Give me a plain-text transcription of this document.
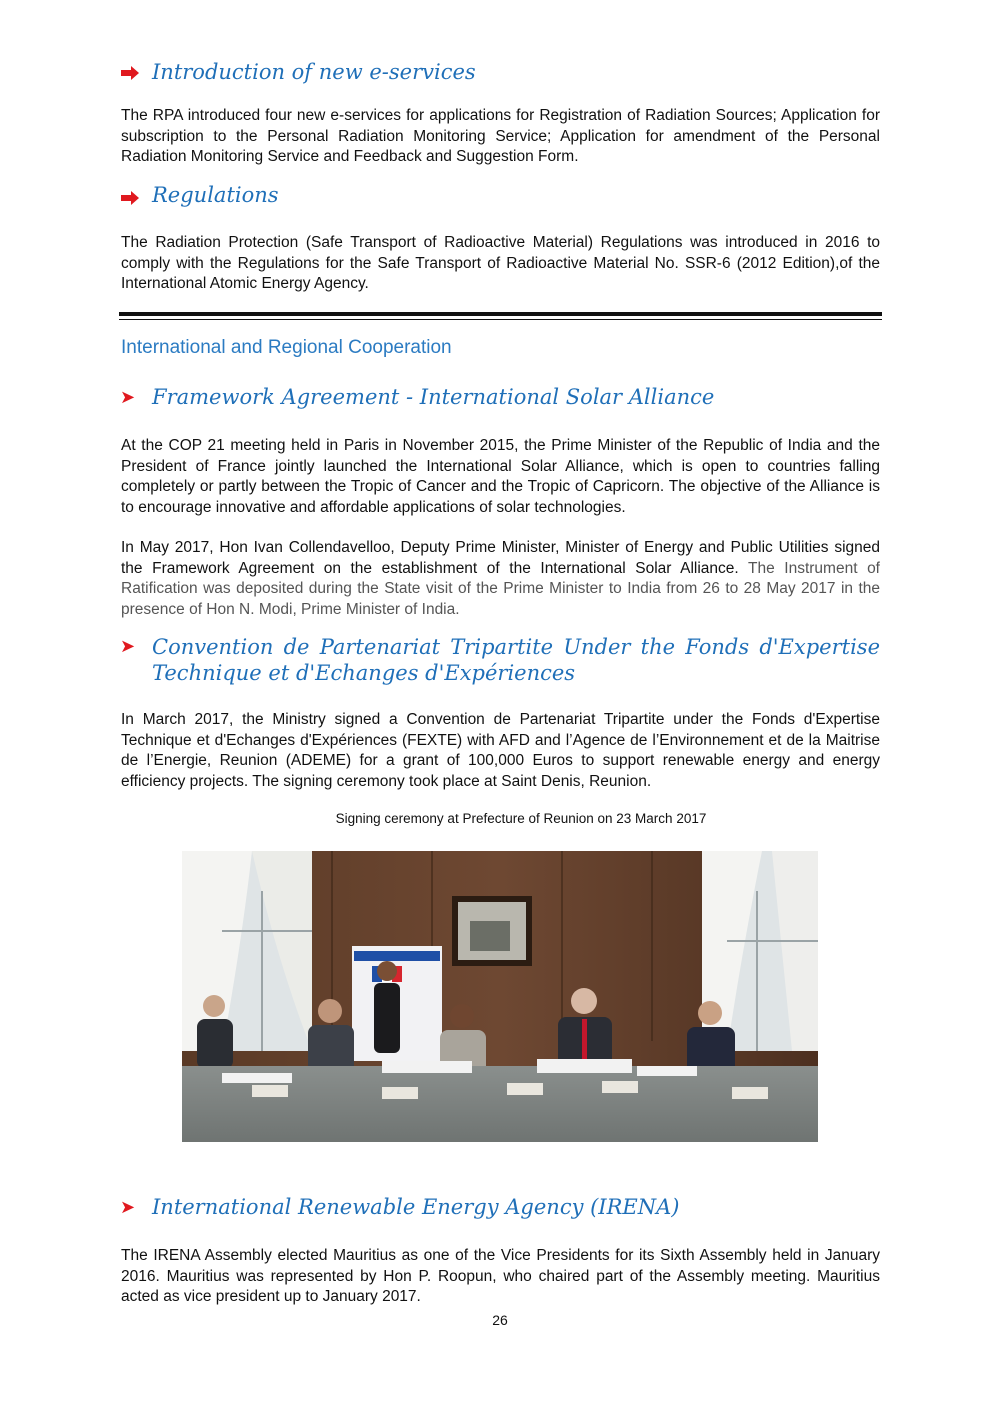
Introduction of new e-services
The RPA introduced four new e-services for applications for Registration of Radiation Sources; Application for subscription to the Personal Radiation Monitoring Service; Application for amendment of the Personal Radiation Monitoring Service and Feedback and Suggestion Form.
Regulations
The Radiation Protection (Safe Transport of Radioactive Material) Regulations was introduced in 2016 to comply with the Regulations for the Safe Transport of Radioactive Material No. SSR-6 (2012 Edition),of the International Atomic Energy Agency.
International and Regional Cooperation
➤ Framework Agreement - International Solar Alliance
At the COP 21 meeting held in Paris in November 2015, the Prime Minister of the Republic of India and the President of France jointly launched the International Solar Alliance, which is open to countries falling completely or partly between the Tropic of Cancer and the Tropic of Capricorn. The objective of the Alliance is to encourage innovative and affordable applications of solar technologies.
In May 2017, Hon Ivan Collendavelloo, Deputy Prime Minister, Minister of Energy and Public Utilities signed the Framework Agreement on the establishment of the International Solar Alliance. The Instrument of Ratification was deposited during the State visit of the Prime Minister to India from 26 to 28 May 2017 in the presence of Hon N. Modi, Prime Minister of India.
➤ Convention de Partenariat Tripartite Under the Fonds d'Expertise Technique et d'Echanges d'Expériences
In March 2017, the Ministry signed a Convention de Partenariat Tripartite under the Fonds d'Expertise Technique et d'Echanges d'Expériences (FEXTE) with AFD and l’Agence de l’Environnement et de la Maitrise de l’Energie, Reunion (ADEME) for a grant of 100,000 Euros to support renewable energy and energy efficiency projects. The signing ceremony took place at Saint Denis, Reunion.
Signing ceremony at Prefecture of Reunion on 23 March 2017
➤ International Renewable Energy Agency (IRENA)
The IRENA Assembly elected Mauritius as one of the Vice Presidents for its Sixth Assembly held in January 2016. Mauritius was represented by Hon P. Roopun, who chaired part of the Assembly meeting. Mauritius acted as vice president up to January 2017.
26
